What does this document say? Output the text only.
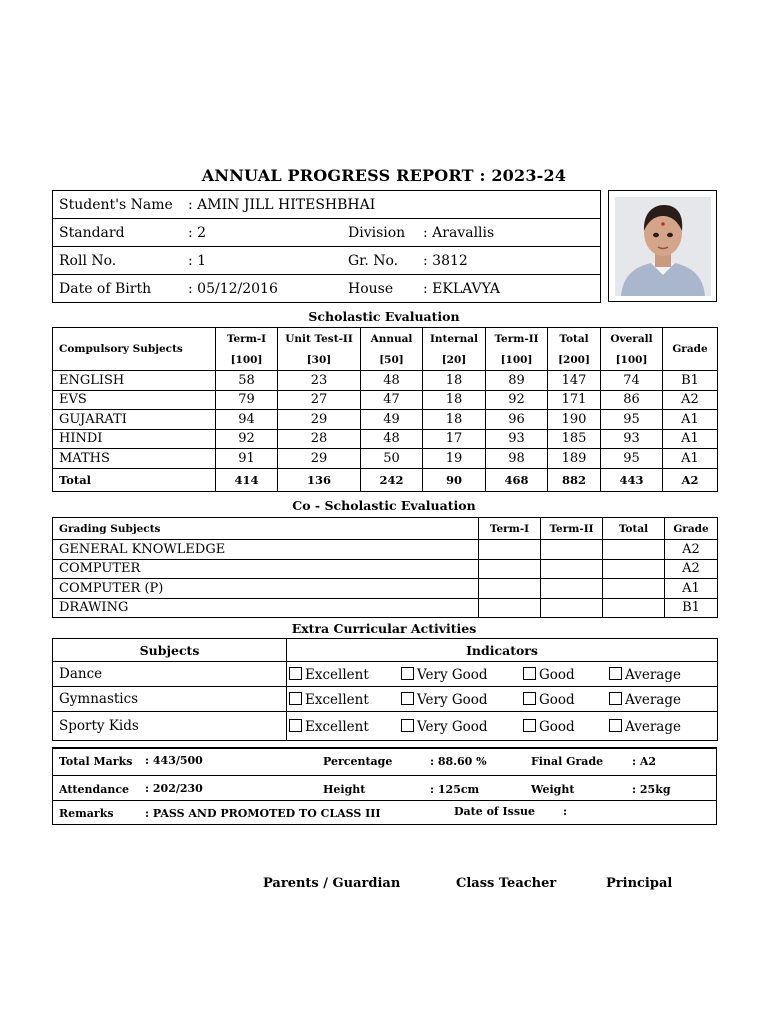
ANNUAL PROGRESS REPORT : 2023-24
Student's Name	: AMIN JILL HITESHBHAI		
Standard	: 2	Division	: Aravallis
Roll No.	: 1	Gr. No.	: 3812
Date of Birth	: 05/12/2016	House	: EKLAVYA
Scholastic Evaluation
Compulsory Subjects	Term-I	Unit Test-II	Annual	Internal	Term-II	Total	Overall	Grade
	[100]	[30]	[50]	[20]	[100]	[200]	[100]	
ENGLISH	58	23	48	18	89	147	74	B1
EVS	79	27	47	18	92	171	86	A2
GUJARATI	94	29	49	18	96	190	95	A1
HINDI	92	28	48	17	93	185	93	A1
MATHS	91	29	50	19	98	189	95	A1
Total	414	136	242	90	468	882	443	A2
Co - Scholastic Evaluation
Grading Subjects	Term-I	Term-II	Total	Grade
GENERAL KNOWLEDGE				A2
COMPUTER				A2
COMPUTER (P)				A1
DRAWING				B1
Extra Curricular Activities
Subjects	Indicators
Dance	Excellent Very Good Good Average

Gymnastics	Excellent Very Good Good Average

Sporty Kids	Excellent Very Good Good Average
Total Marks : 443/500	Percentage	: 88.60 %	Final Grade	: A2
Attendance : 202/230	Height	: 125cm	Weight	: 25kg
Remarks	: PASS AND PROMOTED TO CLASS III	Date of Issue	:
Parents / Guardian	Class Teacher	Principal
